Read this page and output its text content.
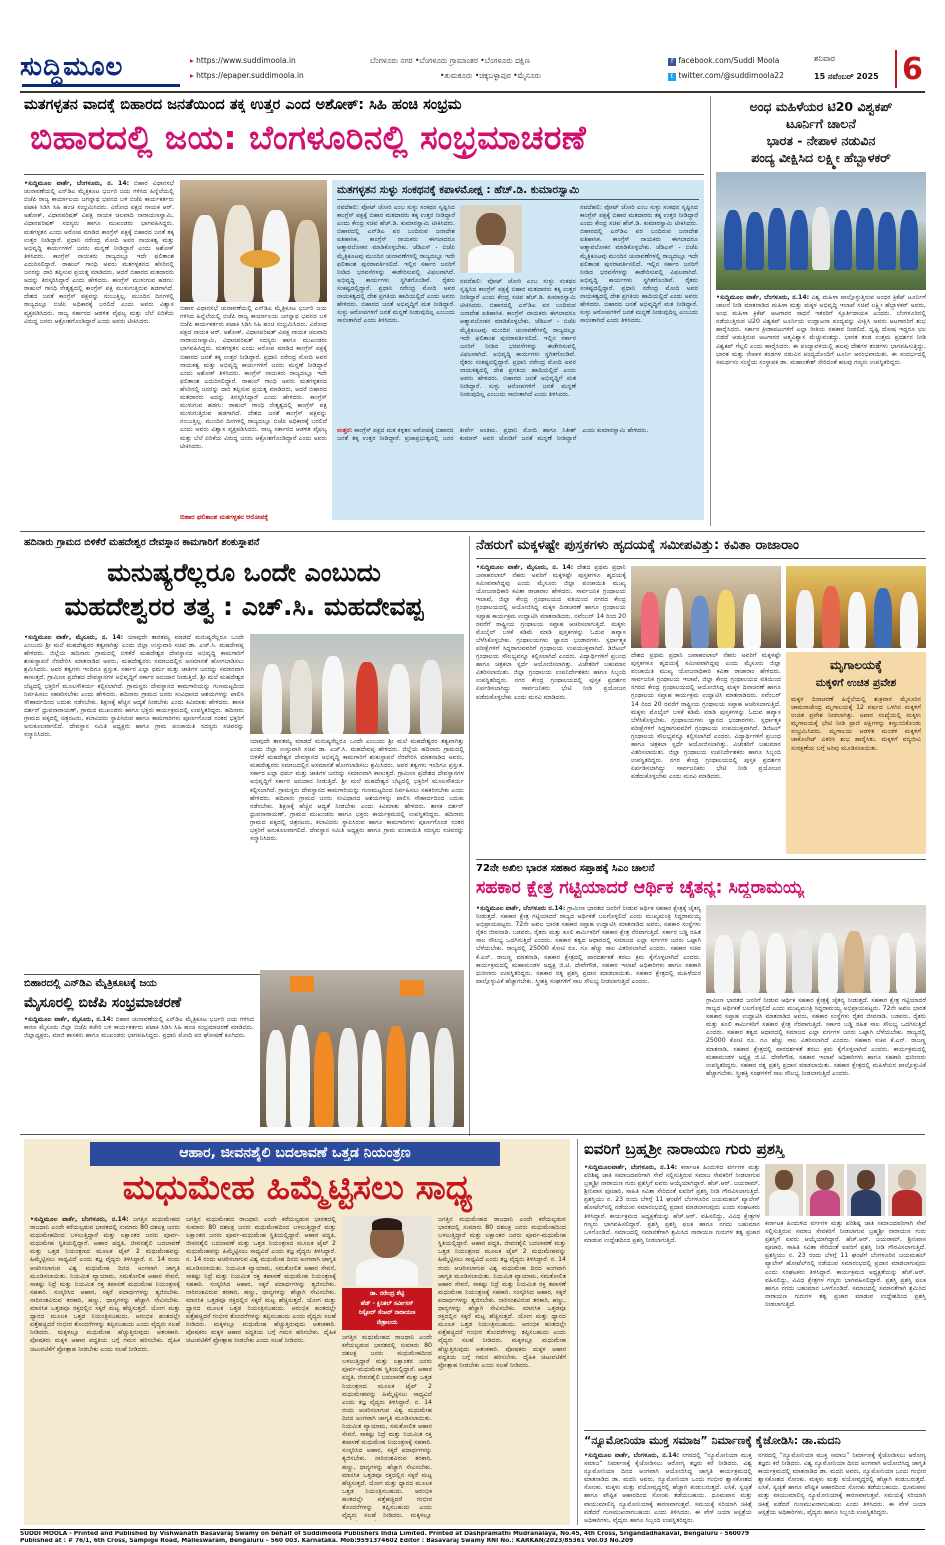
ಸುದ್ದಿಮೂಲ	▸ https://www.suddimoola.in
▸ https://epaper.suddimoola.in
ಬೆಂಗಳೂರು ನಗರ •ಬೆಂಗಳೂರು ಗ್ರಾಮಾಂತರ •ಬೆಂಗಳೂರು ದಕ್ಷಿಣ
•ತುಮಕೂರು •ಚಿಕ್ಕಬಳ್ಳಾಪುರ •ಮೈಸೂರು
f facebook.com/Suddi Moola
t twitter.com/@suddimoola22
ಶನಿವಾರ
15 ನವೆಂಬರ್ 2025 6
ಮತಗಳ್ಳತನ ವಾದಕ್ಕೆ ಬಿಹಾರದ ಜನತೆಯಿಂದ ತಕ್ಕ ಉತ್ತರ ಎಂದ ಅಶೋಕ್: ಸಿಹಿ ಹಂಚಿ ಸಂಭ್ರಮ
ಬಿಹಾರದಲ್ಲಿ ಜಯ: ಬೆಂಗಳೂರಿನಲ್ಲಿ ಸಂಭ್ರಮಾಚರಣೆ

•ಸುದ್ದಿಮೂಲ ವಾರ್ತೆ, ಬೆಂಗಳೂರು, ನ. 14: ಬಿಹಾರ ವಿಧಾನಸಭೆ ಚುನಾವಣೆಯಲ್ಲಿ ಎನ್‌ಡಿಎ ಮೈತ್ರಿಕೂಟ ಭರ್ಜರಿ ಜಯ ಗಳಿಸಿದ ಹಿನ್ನೆಲೆಯಲ್ಲಿ ಬಿಜೆಪಿ ರಾಜ್ಯ ಕಾರ್ಯಾಲಯ ಜಗನ್ನಾಥ ಭವನದ ಬಳಿ ಬಿಜೆಪಿ ಕಾರ್ಯಕರ್ತರು ಪಟಾಕಿ ಸಿಡಿಸಿ ಸಿಹಿ ಹಂಚಿ ಸಂಭ್ರಮಿಸಿದರು. ವಿರೋಧ ಪಕ್ಷದ ನಾಯಕ ಆರ್. ಅಶೋಕ್, ವಿಧಾನಪರಿಷತ್ ವಿಪಕ್ಷ ನಾಯಕ ಚಲವಾದಿ ನಾರಾಯಣಸ್ವಾಮಿ, ವಿಧಾನಪರಿಷತ್ ಸದಸ್ಯರು ಹಾಗೂ ಮುಖಂಡರು ಭಾಗವಹಿಸಿದ್ದರು. ಮತಗಳ್ಳತನ ಎಂದು ಆರೋಪ ಮಾಡಿದ ಕಾಂಗ್ರೆಸ್ ಪಕ್ಷಕ್ಕೆ ಬಿಹಾರದ ಜನತೆ ತಕ್ಕ ಉತ್ತರ ನೀಡಿದ್ದಾರೆ. ಪ್ರಧಾನಿ ನರೇಂದ್ರ ಮೋದಿ ಅವರ ನಾಯಕತ್ವ ಮತ್ತು ಅಭಿವೃದ್ಧಿ ಕಾರ್ಯಗಳಿಗೆ ಜನರು ಮನ್ನಣೆ ನೀಡಿದ್ದಾರೆ ಎಂದು ಅಶೋಕ್ ತಿಳಿಸಿದರು. ಕಾಂಗ್ರೆಸ್ ನಾಯಕರು ರಾಜ್ಯದಲ್ಲೂ ಇದೇ ಫಲಿತಾಂಶ ಎದುರಿಸಲಿದ್ದಾರೆ. ರಾಹುಲ್ ಗಾಂಧಿ ಅವರು ಮತಗಳ್ಳತನದ ಹೆಸರಿನಲ್ಲಿ ಜನರನ್ನು ದಾರಿ ತಪ್ಪಿಸುವ ಪ್ರಯತ್ನ ಮಾಡಿದರು, ಆದರೆ ಬಿಹಾರದ ಮತದಾರರು ಅದನ್ನು ತಿರಸ್ಕರಿಸಿದ್ದಾರೆ ಎಂದು ಹೇಳಿದರು. ಕಾಂಗ್ರೆಸ್ ಮುಳುಗುವ ಹಡಗು: ರಾಹುಲ್ ಗಾಂಧಿ ನೇತೃತ್ವದಲ್ಲಿ ಕಾಂಗ್ರೆಸ್ ಪಕ್ಷ ಮುಳುಗುತ್ತಿರುವ ಹಡಗಾಗಿದೆ. ದೇಶದ ಜನತೆ ಕಾಂಗ್ರೆಸ್ ಪಕ್ಷವನ್ನು ನಂಬುತ್ತಿಲ್ಲ. ಮುಂದಿನ ದಿನಗಳಲ್ಲಿ ರಾಜ್ಯದಲ್ಲೂ ಬಿಜೆಪಿ ಅಧಿಕಾರಕ್ಕೆ ಬರಲಿದೆ ಎಂದು ಅವರು ವಿಶ್ವಾಸ ವ್ಯಕ್ತಪಡಿಸಿದರು. ರಾಜ್ಯ ಸರ್ಕಾರದ ಆಡಳಿತ ವೈಫಲ್ಯ ಮತ್ತು ಬೆಲೆ ಏರಿಕೆಯ ವಿರುದ್ಧ ಜನರು ಆಕ್ರೋಶಗೊಂಡಿದ್ದಾರೆ ಎಂದು ಅವರು ಟೀಕಿಸಿದರು.

ಬಿಹಾರ ವಿಧಾನಸಭೆ ಚುನಾವಣೆಯಲ್ಲಿ ಎನ್‌ಡಿಎ ಮೈತ್ರಿಕೂಟ ಭರ್ಜರಿ ಜಯ ಗಳಿಸಿದ ಹಿನ್ನೆಲೆಯಲ್ಲಿ ಬಿಜೆಪಿ ರಾಜ್ಯ ಕಾರ್ಯಾಲಯ ಜಗನ್ನಾಥ ಭವನದ ಬಳಿ ಬಿಜೆಪಿ ಕಾರ್ಯಕರ್ತರು ಪಟಾಕಿ ಸಿಡಿಸಿ ಸಿಹಿ ಹಂಚಿ ಸಂಭ್ರಮಿಸಿದರು. ವಿರೋಧ ಪಕ್ಷದ ನಾಯಕ ಆರ್. ಅಶೋಕ್, ವಿಧಾನಪರಿಷತ್ ವಿಪಕ್ಷ ನಾಯಕ ಚಲವಾದಿ ನಾರಾಯಣಸ್ವಾಮಿ, ವಿಧಾನಪರಿಷತ್ ಸದಸ್ಯರು ಹಾಗೂ ಮುಖಂಡರು ಭಾಗವಹಿಸಿದ್ದರು. ಮತಗಳ್ಳತನ ಎಂದು ಆರೋಪ ಮಾಡಿದ ಕಾಂಗ್ರೆಸ್ ಪಕ್ಷಕ್ಕೆ ಬಿಹಾರದ ಜನತೆ ತಕ್ಕ ಉತ್ತರ ನೀಡಿದ್ದಾರೆ. ಪ್ರಧಾನಿ ನರೇಂದ್ರ ಮೋದಿ ಅವರ ನಾಯಕತ್ವ ಮತ್ತು ಅಭಿವೃದ್ಧಿ ಕಾರ್ಯಗಳಿಗೆ ಜನರು ಮನ್ನಣೆ ನೀಡಿದ್ದಾರೆ ಎಂದು ಅಶೋಕ್ ತಿಳಿಸಿದರು. ಕಾಂಗ್ರೆಸ್ ನಾಯಕರು ರಾಜ್ಯದಲ್ಲೂ ಇದೇ ಫಲಿತಾಂಶ ಎದುರಿಸಲಿದ್ದಾರೆ. ರಾಹುಲ್ ಗಾಂಧಿ ಅವರು ಮತಗಳ್ಳತನದ ಹೆಸರಿನಲ್ಲಿ ಜನರನ್ನು ದಾರಿ ತಪ್ಪಿಸುವ ಪ್ರಯತ್ನ ಮಾಡಿದರು, ಆದರೆ ಬಿಹಾರದ ಮತದಾರರು ಅದನ್ನು ತಿರಸ್ಕರಿಸಿದ್ದಾರೆ ಎಂದು ಹೇಳಿದರು. ಕಾಂಗ್ರೆಸ್ ಮುಳುಗುವ ಹಡಗು: ರಾಹುಲ್ ಗಾಂಧಿ ನೇತೃತ್ವದಲ್ಲಿ ಕಾಂಗ್ರೆಸ್ ಪಕ್ಷ ಮುಳುಗುತ್ತಿರುವ ಹಡಗಾಗಿದೆ. ದೇಶದ ಜನತೆ ಕಾಂಗ್ರೆಸ್ ಪಕ್ಷವನ್ನು ನಂಬುತ್ತಿಲ್ಲ. ಮುಂದಿನ ದಿನಗಳಲ್ಲಿ ರಾಜ್ಯದಲ್ಲೂ ಬಿಜೆಪಿ ಅಧಿಕಾರಕ್ಕೆ ಬರಲಿದೆ ಎಂದು ಅವರು ವಿಶ್ವಾಸ ವ್ಯಕ್ತಪಡಿಸಿದರು. ರಾಜ್ಯ ಸರ್ಕಾರದ ಆಡಳಿತ ವೈಫಲ್ಯ ಮತ್ತು ಬೆಲೆ ಏರಿಕೆಯ ವಿರುದ್ಧ ಜನರು ಆಕ್ರೋಶಗೊಂಡಿದ್ದಾರೆ ಎಂದು ಅವರು ಟೀಕಿಸಿದರು.

ಬಿಹಾರ ಫಲಿತಾಂಶ ಮತಗಳ್ಳತನ ಆರೋಪಕ್ಕೆ
ಮತಗಳ್ಳತನ ಸುಳ್ಳು ಸಂಕಥನಕ್ಕೆ ಕಪಾಳಮೋಕ್ಷ : ಹೆಚ್.ಡಿ. ಕುಮಾರಸ್ವಾಮಿ

ನವದೆಹಲಿ: ವೋಟ್ ಚೋರಿ ಎಂಬ ಸುಳ್ಳು ಸಂಕಥನ ಸೃಷ್ಟಿಸಿದ ಕಾಂಗ್ರೆಸ್ ಪಕ್ಷಕ್ಕೆ ಬಿಹಾರ ಮತದಾರರು ತಕ್ಕ ಉತ್ತರ ನೀಡಿದ್ದಾರೆ ಎಂದು ಕೇಂದ್ರ ಸಚಿವ ಹೆಚ್.ಡಿ. ಕುಮಾರಸ್ವಾಮಿ ಟೀಕಿಸಿದರು. ಬಿಹಾರದಲ್ಲಿ ಎನ್‌ಡಿಎ ಪರ ಬಂದಿರುವ ಜನಾದೇಶ ಐತಿಹಾಸಿಕ. ಕಾಂಗ್ರೆಸ್ ನಾಯಕರು ಈಗಲಾದರೂ ಆತ್ಮಾವಲೋಕನ ಮಾಡಿಕೊಳ್ಳಬೇಕು. ಜೆಡಿಎಸ್ - ಬಿಜೆಪಿ ಮೈತ್ರಿಕೂಟವು ಮುಂದಿನ ಚುನಾವಣೆಗಳಲ್ಲಿ ರಾಜ್ಯದಲ್ಲೂ ಇದೇ ಫಲಿತಾಂಶ ಪುನರಾವರ್ತಿಸಲಿದೆ. ಇಲ್ಲಿನ ಸರ್ಕಾರ ಜನರಿಗೆ ನೀಡಿದ ಭರವಸೆಗಳನ್ನು ಈಡೇರಿಸುವಲ್ಲಿ ವಿಫಲವಾಗಿದೆ. ಅಭಿವೃದ್ಧಿ ಕಾರ್ಯಗಳು ಸ್ಥಗಿತಗೊಂಡಿವೆ. ರೈತರು ಸಂಕಷ್ಟದಲ್ಲಿದ್ದಾರೆ. ಪ್ರಧಾನಿ ನರೇಂದ್ರ ಮೋದಿ ಅವರ ನಾಯಕತ್ವದಲ್ಲಿ ದೇಶ ಪ್ರಗತಿಯ ಹಾದಿಯಲ್ಲಿದೆ ಎಂದು ಅವರು ಹೇಳಿದರು. ಬಿಹಾರದ ಜನತೆ ಅಭಿವೃದ್ಧಿಗೆ ಮತ ನೀಡಿದ್ದಾರೆ. ಸುಳ್ಳು ಆರೋಪಗಳಿಗೆ ಜನತೆ ಮನ್ನಣೆ ನೀಡುವುದಿಲ್ಲ ಎಂಬುದು ಸಾಬೀತಾಗಿದೆ ಎಂದು ತಿಳಿಸಿದರು.

ನವದೆಹಲಿ: ವೋಟ್ ಚೋರಿ ಎಂಬ ಸುಳ್ಳು ಸಂಕಥನ ಸೃಷ್ಟಿಸಿದ ಕಾಂಗ್ರೆಸ್ ಪಕ್ಷಕ್ಕೆ ಬಿಹಾರ ಮತದಾರರು ತಕ್ಕ ಉತ್ತರ ನೀಡಿದ್ದಾರೆ ಎಂದು ಕೇಂದ್ರ ಸಚಿವ ಹೆಚ್.ಡಿ. ಕುಮಾರಸ್ವಾಮಿ ಟೀಕಿಸಿದರು. ಬಿಹಾರದಲ್ಲಿ ಎನ್‌ಡಿಎ ಪರ ಬಂದಿರುವ ಜನಾದೇಶ ಐತಿಹಾಸಿಕ. ಕಾಂಗ್ರೆಸ್ ನಾಯಕರು ಈಗಲಾದರೂ ಆತ್ಮಾವಲೋಕನ ಮಾಡಿಕೊಳ್ಳಬೇಕು. ಜೆಡಿಎಸ್ - ಬಿಜೆಪಿ ಮೈತ್ರಿಕೂಟವು ಮುಂದಿನ ಚುನಾವಣೆಗಳಲ್ಲಿ ರಾಜ್ಯದಲ್ಲೂ ಇದೇ ಫಲಿತಾಂಶ ಪುನರಾವರ್ತಿಸಲಿದೆ. ಇಲ್ಲಿನ ಸರ್ಕಾರ ಜನರಿಗೆ ನೀಡಿದ ಭರವಸೆಗಳನ್ನು ಈಡೇರಿಸುವಲ್ಲಿ ವಿಫಲವಾಗಿದೆ. ಅಭಿವೃದ್ಧಿ ಕಾರ್ಯಗಳು ಸ್ಥಗಿತಗೊಂಡಿವೆ. ರೈತರು ಸಂಕಷ್ಟದಲ್ಲಿದ್ದಾರೆ. ಪ್ರಧಾನಿ ನರೇಂದ್ರ ಮೋದಿ ಅವರ ನಾಯಕತ್ವದಲ್ಲಿ ದೇಶ ಪ್ರಗತಿಯ ಹಾದಿಯಲ್ಲಿದೆ ಎಂದು ಅವರು ಹೇಳಿದರು. ಬಿಹಾರದ ಜನತೆ ಅಭಿವೃದ್ಧಿಗೆ ಮತ ನೀಡಿದ್ದಾರೆ. ಸುಳ್ಳು ಆರೋಪಗಳಿಗೆ ಜನತೆ ಮನ್ನಣೆ ನೀಡುವುದಿಲ್ಲ ಎಂಬುದು ಸಾಬೀತಾಗಿದೆ ಎಂದು ತಿಳಿಸಿದರು.

ನವದೆಹಲಿ: ವೋಟ್ ಚೋರಿ ಎಂಬ ಸುಳ್ಳು ಸಂಕಥನ ಸೃಷ್ಟಿಸಿದ ಕಾಂಗ್ರೆಸ್ ಪಕ್ಷಕ್ಕೆ ಬಿಹಾರ ಮತದಾರರು ತಕ್ಕ ಉತ್ತರ ನೀಡಿದ್ದಾರೆ ಎಂದು ಕೇಂದ್ರ ಸಚಿವ ಹೆಚ್.ಡಿ. ಕುಮಾರಸ್ವಾಮಿ ಟೀಕಿಸಿದರು. ಬಿಹಾರದಲ್ಲಿ ಎನ್‌ಡಿಎ ಪರ ಬಂದಿರುವ ಜನಾದೇಶ ಐತಿಹಾಸಿಕ. ಕಾಂಗ್ರೆಸ್ ನಾಯಕರು ಈಗಲಾದರೂ ಆತ್ಮಾವಲೋಕನ ಮಾಡಿಕೊಳ್ಳಬೇಕು. ಜೆಡಿಎಸ್ - ಬಿಜೆಪಿ ಮೈತ್ರಿಕೂಟವು ಮುಂದಿನ ಚುನಾವಣೆಗಳಲ್ಲಿ ರಾಜ್ಯದಲ್ಲೂ ಇದೇ ಫಲಿತಾಂಶ ಪುನರಾವರ್ತಿಸಲಿದೆ. ಇಲ್ಲಿನ ಸರ್ಕಾರ ಜನರಿಗೆ ನೀಡಿದ ಭರವಸೆಗಳನ್ನು ಈಡೇರಿಸುವಲ್ಲಿ ವಿಫಲವಾಗಿದೆ. ಅಭಿವೃದ್ಧಿ ಕಾರ್ಯಗಳು ಸ್ಥಗಿತಗೊಂಡಿವೆ. ರೈತರು ಸಂಕಷ್ಟದಲ್ಲಿದ್ದಾರೆ. ಪ್ರಧಾನಿ ನರೇಂದ್ರ ಮೋದಿ ಅವರ ನಾಯಕತ್ವದಲ್ಲಿ ದೇಶ ಪ್ರಗತಿಯ ಹಾದಿಯಲ್ಲಿದೆ ಎಂದು ಅವರು ಹೇಳಿದರು. ಬಿಹಾರದ ಜನತೆ ಅಭಿವೃದ್ಧಿಗೆ ಮತ ನೀಡಿದ್ದಾರೆ. ಸುಳ್ಳು ಆರೋಪಗಳಿಗೆ ಜನತೆ ಮನ್ನಣೆ ನೀಡುವುದಿಲ್ಲ ಎಂಬುದು ಸಾಬೀತಾಗಿದೆ ಎಂದು ತಿಳಿಸಿದರು.

ಉತ್ತರ: ಕಾಂಗ್ರೆಸ್ ಪಕ್ಷದ ಮತ ಕಳ್ಳತನ ಆರೋಪಕ್ಕೆ ಬಿಹಾರದ ಜನತೆ ತಕ್ಕ ಉತ್ತರ ನೀಡಿದ್ದಾರೆ. ಪ್ರಜಾಪ್ರಭುತ್ವದಲ್ಲಿ ಜನರ ತೀರ್ಪೇ ಅಂತಿಮ. ಪ್ರಧಾನಿ ಮೋದಿ ಹಾಗೂ ನಿತೀಶ್ ಕುಮಾರ್ ಅವರ ಜೋಡಿಗೆ ಜನತೆ ಮನ್ನಣೆ ನೀಡಿದ್ದಾರೆ ಎಂದು ಕುಮಾರಸ್ವಾಮಿ ಹೇಳಿದರು.

ಅಂಧ ಮಹಿಳೆಯರ ಟಿ20 ವಿಶ್ವಕಪ್
ಟೂರ್ನಿಗೆ ಚಾಲನೆ
ಭಾರತ - ನೇಪಾಳ ನಡುವಿನ
ಪಂದ್ಯ ವೀಕ್ಷಿಸಿದ ಲಕ್ಷ್ಮೀ ಹೆಬ್ಬಾಳಕರ್

•ಸುದ್ದಿಮೂಲ ವಾರ್ತೆ, ಬೆಂಗಳೂರು, ನ.14: ವಿಶ್ವ ಮಹಿಳಾ ಪಾಲ್ಗೊಳ್ಳುತ್ತಿರುವ ಅಂಧರ ಕ್ರಿಕೆಟ್ ಟೂರ್ನಿಗೆ ಚಾಲನೆ ನೀಡಿ ಮಾತನಾಡಿದ ಮಹಿಳಾ ಮತ್ತು ಮಕ್ಕಳ ಅಭಿವೃದ್ಧಿ ಇಲಾಖೆ ಸಚಿವೆ ಲಕ್ಷ್ಮೀ ಹೆಬ್ಬಾಳಕರ್ ಅವರು, ಅಂಧ ಮಹಿಳಾ ಕ್ರಿಕೆಟ್ ಆಟಗಾರರ ಸಾಧನೆ ಇತರರಿಗೆ ಸ್ಫೂರ್ತಿದಾಯಕ ಎಂದರು. ಬೆಂಗಳೂರಿನಲ್ಲಿ ನಡೆಯುತ್ತಿರುವ ಟಿ20 ವಿಶ್ವಕಪ್ ಟೂರ್ನಿಯ ಉದ್ಘಾಟನಾ ಪಂದ್ಯವನ್ನು ವೀಕ್ಷಿಸಿ ಅವರು ಆಟಗಾರರಿಗೆ ಶುಭ ಹಾರೈಸಿದರು. ಸರ್ಕಾರ ಕ್ರೀಡಾಪಟುಗಳಿಗೆ ಎಲ್ಲಾ ರೀತಿಯ ಸಹಕಾರ ನೀಡಲಿದೆ. ದೃಷ್ಟಿ ದೋಷ ಇದ್ದರೂ ಛಲ ಬಿಡದೆ ಆಡುತ್ತಿರುವ ಆಟಗಾರರ ಆತ್ಮವಿಶ್ವಾಸ ಮೆಚ್ಚುವಂತದ್ದು. ಭಾರತ ತಂಡ ಉತ್ತಮ ಪ್ರದರ್ಶನ ನೀಡಿ ವಿಶ್ವಕಪ್ ಗೆಲ್ಲಲಿ ಎಂದು ಹಾರೈಸಿದರು. ಈ ಪಂದ್ಯಾವಳಿಯಲ್ಲಿ ಹಲವು ದೇಶಗಳ ತಂಡಗಳು ಭಾಗವಹಿಸುತ್ತಿದ್ದು, ಭಾರತ ಮತ್ತು ನೇಪಾಳ ತಂಡಗಳ ನಡುವಿನ ಪಂದ್ಯದೊಂದಿಗೆ ಟೂರ್ನಿ ಆರಂಭವಾಯಿತು. ಈ ಸಂದರ್ಭದಲ್ಲಿ ಸಮರ್ಥನಂ ಸಂಸ್ಥೆಯ ಸಂಸ್ಥಾಪಕ ಡಾ. ಮಹಾಂತೇಶ್ ಸೇರಿದಂತೆ ಹಲವು ಗಣ್ಯರು ಉಪಸ್ಥಿತರಿದ್ದರು.

ಹದಿನಾರು ಗ್ರಾಮದ ಬಿಳಿಕೆರೆ ಮಹದೇಶ್ವರ ದೇವಸ್ಥಾನ ಕಾಮಗಾರಿಗೆ ಶಂಕುಸ್ಥಾಪನೆ
ಮನುಷ್ಯರೆಲ್ಲರೂ ಒಂದೇ ಎಂಬುದು
ಮಹದೇಶ್ವರರ ತತ್ವ : ಎಚ್.ಸಿ. ಮಹದೇವಪ್ಪ

•ಸುದ್ದಿಮೂಲ ವಾರ್ತೆ, ಮೈಸೂರು, ನ. 14: ಯಾವುದೇ ತಾರತಮ್ಯ ಮಾಡದೆ ಮನುಷ್ಯರೆಲ್ಲರೂ ಒಂದೇ ಎಂಬುದು ಶ್ರೀ ಮಲೆ ಮಹದೇಶ್ವರರ ತತ್ವವಾಗಿತ್ತು ಎಂದು ಜಿಲ್ಲಾ ಉಸ್ತುವಾರಿ ಸಚಿವ ಡಾ. ಎಚ್.ಸಿ. ಮಹದೇವಪ್ಪ ಹೇಳಿದರು. ಜಿಲ್ಲೆಯ ಹದಿನಾರು ಗ್ರಾಮದಲ್ಲಿ ಬಿಳಿಕೆರೆ ಮಹದೇಶ್ವರ ದೇವಸ್ಥಾನದ ಅಭಿವೃದ್ಧಿ ಕಾಮಗಾರಿಗೆ ಶಂಕುಸ್ಥಾಪನೆ ನೆರವೇರಿಸಿ ಮಾತನಾಡಿದ ಅವರು, ಮಹದೇಶ್ವರರು ಸಮಾಜದಲ್ಲಿನ ಅಸಮಾನತೆ ಹೋಗಲಾಡಿಸಲು ಶ್ರಮಿಸಿದರು. ಅವರ ತತ್ವಗಳು ಇಂದಿಗೂ ಪ್ರಸ್ತುತ. ಸರ್ಕಾರ ಎಲ್ಲಾ ಧರ್ಮ ಮತ್ತು ಜಾತಿಗಳ ಜನರನ್ನು ಸಮಾನವಾಗಿ ಕಾಣುತ್ತದೆ. ಗ್ರಾಮೀಣ ಪ್ರದೇಶದ ದೇವಸ್ಥಾನಗಳ ಅಭಿವೃದ್ಧಿಗೆ ಸರ್ಕಾರ ಅನುದಾನ ನೀಡುತ್ತಿದೆ. ಶ್ರೀ ಮಲೆ ಮಹದೇಶ್ವರ ಬೆಟ್ಟದಲ್ಲಿ ಭಕ್ತರಿಗೆ ಮೂಲಸೌಕರ್ಯ ಕಲ್ಪಿಸಲಾಗಿದೆ. ಗ್ರಾಮಸ್ಥರು ದೇವಸ್ಥಾನದ ಕಾಮಗಾರಿಯನ್ನು ಗುಣಮಟ್ಟದಿಂದ ನಿರ್ವಹಿಸಲು ಸಹಕರಿಸಬೇಕು ಎಂದು ಹೇಳಿದರು. ಹದಿನಾರು ಗ್ರಾಮದ ಜನರು ಸಂವಿಧಾನದ ಆಶಯಗಳನ್ನು ಪಾಲಿಸಿ ಸೌಹಾರ್ದದಿಂದ ಬದುಕು ನಡೆಸಬೇಕು. ಶಿಕ್ಷಣಕ್ಕೆ ಹೆಚ್ಚಿನ ಆದ್ಯತೆ ನೀಡಬೇಕು ಎಂದು ಕಿವಿಮಾತು ಹೇಳಿದರು. ಶಾಸಕ ದರ್ಶನ್ ಧ್ರುವನಾರಾಯಣ್, ಗ್ರಾಮದ ಮುಖಂಡರು ಹಾಗೂ ಭಕ್ತರು ಕಾರ್ಯಕ್ರಮದಲ್ಲಿ ಉಪಸ್ಥಿತರಿದ್ದರು. ಹದಿನಾರು ಗ್ರಾಮದ ಪಕ್ಕದಲ್ಲಿ ಚಿತ್ರನಟರು, ಕಲಾವಿದರು ಸ್ಥಾಪಿಸಿರುವ ಹಾಗೂ ಕಾಮಗಾರಿಗಳು ಪೂರ್ಣಗೊಂಡ ನಂತರ ಭಕ್ತರಿಗೆ ಅನುಕೂಲವಾಗಲಿದೆ. ದೇವಸ್ಥಾನ ಸಮಿತಿ ಅಧ್ಯಕ್ಷರು ಹಾಗೂ ಗ್ರಾಮ ಪಂಚಾಯಿತಿ ಸದಸ್ಯರು ಸಚಿವರನ್ನು ಸನ್ಮಾನಿಸಿದರು.

ಯಾವುದೇ ತಾರತಮ್ಯ ಮಾಡದೆ ಮನುಷ್ಯರೆಲ್ಲರೂ ಒಂದೇ ಎಂಬುದು ಶ್ರೀ ಮಲೆ ಮಹದೇಶ್ವರರ ತತ್ವವಾಗಿತ್ತು ಎಂದು ಜಿಲ್ಲಾ ಉಸ್ತುವಾರಿ ಸಚಿವ ಡಾ. ಎಚ್.ಸಿ. ಮಹದೇವಪ್ಪ ಹೇಳಿದರು. ಜಿಲ್ಲೆಯ ಹದಿನಾರು ಗ್ರಾಮದಲ್ಲಿ ಬಿಳಿಕೆರೆ ಮಹದೇಶ್ವರ ದೇವಸ್ಥಾನದ ಅಭಿವೃದ್ಧಿ ಕಾಮಗಾರಿಗೆ ಶಂಕುಸ್ಥಾಪನೆ ನೆರವೇರಿಸಿ ಮಾತನಾಡಿದ ಅವರು, ಮಹದೇಶ್ವರರು ಸಮಾಜದಲ್ಲಿನ ಅಸಮಾನತೆ ಹೋಗಲಾಡಿಸಲು ಶ್ರಮಿಸಿದರು. ಅವರ ತತ್ವಗಳು ಇಂದಿಗೂ ಪ್ರಸ್ತುತ. ಸರ್ಕಾರ ಎಲ್ಲಾ ಧರ್ಮ ಮತ್ತು ಜಾತಿಗಳ ಜನರನ್ನು ಸಮಾನವಾಗಿ ಕಾಣುತ್ತದೆ. ಗ್ರಾಮೀಣ ಪ್ರದೇಶದ ದೇವಸ್ಥಾನಗಳ ಅಭಿವೃದ್ಧಿಗೆ ಸರ್ಕಾರ ಅನುದಾನ ನೀಡುತ್ತಿದೆ. ಶ್ರೀ ಮಲೆ ಮಹದೇಶ್ವರ ಬೆಟ್ಟದಲ್ಲಿ ಭಕ್ತರಿಗೆ ಮೂಲಸೌಕರ್ಯ ಕಲ್ಪಿಸಲಾಗಿದೆ. ಗ್ರಾಮಸ್ಥರು ದೇವಸ್ಥಾನದ ಕಾಮಗಾರಿಯನ್ನು ಗುಣಮಟ್ಟದಿಂದ ನಿರ್ವಹಿಸಲು ಸಹಕರಿಸಬೇಕು ಎಂದು ಹೇಳಿದರು. ಹದಿನಾರು ಗ್ರಾಮದ ಜನರು ಸಂವಿಧಾನದ ಆಶಯಗಳನ್ನು ಪಾಲಿಸಿ ಸೌಹಾರ್ದದಿಂದ ಬದುಕು ನಡೆಸಬೇಕು. ಶಿಕ್ಷಣಕ್ಕೆ ಹೆಚ್ಚಿನ ಆದ್ಯತೆ ನೀಡಬೇಕು ಎಂದು ಕಿವಿಮಾತು ಹೇಳಿದರು. ಶಾಸಕ ದರ್ಶನ್ ಧ್ರುವನಾರಾಯಣ್, ಗ್ರಾಮದ ಮುಖಂಡರು ಹಾಗೂ ಭಕ್ತರು ಕಾರ್ಯಕ್ರಮದಲ್ಲಿ ಉಪಸ್ಥಿತರಿದ್ದರು. ಹದಿನಾರು ಗ್ರಾಮದ ಪಕ್ಕದಲ್ಲಿ ಚಿತ್ರನಟರು, ಕಲಾವಿದರು ಸ್ಥಾಪಿಸಿರುವ ಹಾಗೂ ಕಾಮಗಾರಿಗಳು ಪೂರ್ಣಗೊಂಡ ನಂತರ ಭಕ್ತರಿಗೆ ಅನುಕೂಲವಾಗಲಿದೆ. ದೇವಸ್ಥಾನ ಸಮಿತಿ ಅಧ್ಯಕ್ಷರು ಹಾಗೂ ಗ್ರಾಮ ಪಂಚಾಯಿತಿ ಸದಸ್ಯರು ಸಚಿವರನ್ನು ಸನ್ಮಾನಿಸಿದರು.

ನೆಹರುಗೆ ಮಕ್ಕಳಷ್ಟೇ ಪುಸ್ತಕಗಳು ಹೃದಯಕ್ಕೆ ಸಮೀಪವಿತ್ತು: ಕವಿತಾ ರಾಜಾರಾಂ

•ಸುದ್ದಿಮೂಲ ವಾರ್ತೆ, ಮೈಸೂರು, ನ. 14: ದೇಶದ ಪ್ರಥಮ ಪ್ರಧಾನಿ ಜವಾಹರಲಾಲ್ ನೆಹರು ಅವರಿಗೆ ಮಕ್ಕಳಷ್ಟೇ ಪುಸ್ತಕಗಳೂ ಹೃದಯಕ್ಕೆ ಸಮೀಪವಾಗಿದ್ದವು ಎಂದು ಮೈಸೂರು ಜಿಲ್ಲಾ ಪಂಚಾಯಿತಿ ಮುಖ್ಯ ಯೋಜನಾಧಿಕಾರಿ ಕವಿತಾ ರಾಜಾರಾಂ ಹೇಳಿದರು. ಸಾರ್ವಜನಿಕ ಗ್ರಂಥಾಲಯ ಇಲಾಖೆ, ಜಿಲ್ಲಾ ಕೇಂದ್ರ ಗ್ರಂಥಾಲಯದ ವತಿಯಿಂದ ನಗರದ ಕೇಂದ್ರ ಗ್ರಂಥಾಲಯದಲ್ಲಿ ಆಯೋಜಿಸಿದ್ದ ಮಕ್ಕಳ ದಿನಾಚರಣೆ ಹಾಗೂ ಗ್ರಂಥಾಲಯ ಸಪ್ತಾಹ ಕಾರ್ಯಕ್ರಮ ಉದ್ಘಾಟಿಸಿ ಮಾತನಾಡಿದರು. ನವೆಂಬರ್ 14 ರಿಂದ 20 ರವರೆಗೆ ರಾಷ್ಟ್ರೀಯ ಗ್ರಂಥಾಲಯ ಸಪ್ತಾಹ ಆಚರಿಸಲಾಗುತ್ತಿದೆ. ಮಕ್ಕಳು ಮೊಬೈಲ್ ಬಳಕೆ ಕಡಿಮೆ ಮಾಡಿ ಪುಸ್ತಕಗಳನ್ನು ಓದುವ ಹವ್ಯಾಸ ಬೆಳೆಸಿಕೊಳ್ಳಬೇಕು. ಗ್ರಂಥಾಲಯಗಳು ಜ್ಞಾನದ ಭಂಡಾರಗಳು. ಸ್ಪರ್ಧಾತ್ಮಕ ಪರೀಕ್ಷೆಗಳಿಗೆ ಸಿದ್ಧರಾಗುವವರಿಗೆ ಗ್ರಂಥಾಲಯ ಉಪಯುಕ್ತವಾಗಿದೆ. ಡಿಜಿಟಲ್ ಗ್ರಂಥಾಲಯ ಸೌಲಭ್ಯವನ್ನೂ ಕಲ್ಪಿಸಲಾಗಿದೆ ಎಂದರು. ವಿದ್ಯಾರ್ಥಿಗಳಿಗೆ ಪ್ರಬಂಧ ಹಾಗೂ ಚಿತ್ರಕಲಾ ಸ್ಪರ್ಧೆ ಆಯೋಜಿಸಲಾಗಿತ್ತು. ವಿಜೇತರಿಗೆ ಬಹುಮಾನ ವಿತರಿಸಲಾಯಿತು. ಜಿಲ್ಲಾ ಗ್ರಂಥಾಲಯ ಉಪನಿರ್ದೇಶಕರು ಹಾಗೂ ಸಿಬ್ಬಂದಿ ಉಪಸ್ಥಿತರಿದ್ದರು. ನಗರ ಕೇಂದ್ರ ಗ್ರಂಥಾಲಯದಲ್ಲಿ ಪುಸ್ತಕ ಪ್ರದರ್ಶನ ಏರ್ಪಡಿಸಲಾಗಿದ್ದು ಸಾರ್ವಜನಿಕರು ಭೇಟಿ ನೀಡಿ ಪ್ರಯೋಜನ ಪಡೆದುಕೊಳ್ಳಬೇಕು ಎಂದು ಮನವಿ ಮಾಡಿದರು.

ದೇಶದ ಪ್ರಥಮ ಪ್ರಧಾನಿ ಜವಾಹರಲಾಲ್ ನೆಹರು ಅವರಿಗೆ ಮಕ್ಕಳಷ್ಟೇ ಪುಸ್ತಕಗಳೂ ಹೃದಯಕ್ಕೆ ಸಮೀಪವಾಗಿದ್ದವು ಎಂದು ಮೈಸೂರು ಜಿಲ್ಲಾ ಪಂಚಾಯಿತಿ ಮುಖ್ಯ ಯೋಜನಾಧಿಕಾರಿ ಕವಿತಾ ರಾಜಾರಾಂ ಹೇಳಿದರು. ಸಾರ್ವಜನಿಕ ಗ್ರಂಥಾಲಯ ಇಲಾಖೆ, ಜಿಲ್ಲಾ ಕೇಂದ್ರ ಗ್ರಂಥಾಲಯದ ವತಿಯಿಂದ ನಗರದ ಕೇಂದ್ರ ಗ್ರಂಥಾಲಯದಲ್ಲಿ ಆಯೋಜಿಸಿದ್ದ ಮಕ್ಕಳ ದಿನಾಚರಣೆ ಹಾಗೂ ಗ್ರಂಥಾಲಯ ಸಪ್ತಾಹ ಕಾರ್ಯಕ್ರಮ ಉದ್ಘಾಟಿಸಿ ಮಾತನಾಡಿದರು. ನವೆಂಬರ್ 14 ರಿಂದ 20 ರವರೆಗೆ ರಾಷ್ಟ್ರೀಯ ಗ್ರಂಥಾಲಯ ಸಪ್ತಾಹ ಆಚರಿಸಲಾಗುತ್ತಿದೆ. ಮಕ್ಕಳು ಮೊಬೈಲ್ ಬಳಕೆ ಕಡಿಮೆ ಮಾಡಿ ಪುಸ್ತಕಗಳನ್ನು ಓದುವ ಹವ್ಯಾಸ ಬೆಳೆಸಿಕೊಳ್ಳಬೇಕು. ಗ್ರಂಥಾಲಯಗಳು ಜ್ಞಾನದ ಭಂಡಾರಗಳು. ಸ್ಪರ್ಧಾತ್ಮಕ ಪರೀಕ್ಷೆಗಳಿಗೆ ಸಿದ್ಧರಾಗುವವರಿಗೆ ಗ್ರಂಥಾಲಯ ಉಪಯುಕ್ತವಾಗಿದೆ. ಡಿಜಿಟಲ್ ಗ್ರಂಥಾಲಯ ಸೌಲಭ್ಯವನ್ನೂ ಕಲ್ಪಿಸಲಾಗಿದೆ ಎಂದರು. ವಿದ್ಯಾರ್ಥಿಗಳಿಗೆ ಪ್ರಬಂಧ ಹಾಗೂ ಚಿತ್ರಕಲಾ ಸ್ಪರ್ಧೆ ಆಯೋಜಿಸಲಾಗಿತ್ತು. ವಿಜೇತರಿಗೆ ಬಹುಮಾನ ವಿತರಿಸಲಾಯಿತು. ಜಿಲ್ಲಾ ಗ್ರಂಥಾಲಯ ಉಪನಿರ್ದೇಶಕರು ಹಾಗೂ ಸಿಬ್ಬಂದಿ ಉಪಸ್ಥಿತರಿದ್ದರು. ನಗರ ಕೇಂದ್ರ ಗ್ರಂಥಾಲಯದಲ್ಲಿ ಪುಸ್ತಕ ಪ್ರದರ್ಶನ ಏರ್ಪಡಿಸಲಾಗಿದ್ದು ಸಾರ್ವಜನಿಕರು ಭೇಟಿ ನೀಡಿ ಪ್ರಯೋಜನ ಪಡೆದುಕೊಳ್ಳಬೇಕು ಎಂದು ಮನವಿ ಮಾಡಿದರು.

ಮೃಗಾಲಯಕ್ಕೆ
ಮಕ್ಕಳಿಗೆ ಉಚಿತ ಪ್ರವೇಶ

ಮಕ್ಕಳ ದಿನಾಚರಣೆ ಹಿನ್ನೆಲೆಯಲ್ಲಿ ಶುಕ್ರವಾರ ಮೈಸೂರಿನ ಚಾಮರಾಜೇಂದ್ರ ಮೃಗಾಲಯಕ್ಕೆ 12 ವರ್ಷದ ಒಳಗಿನ ಮಕ್ಕಳಿಗೆ ಉಚಿತ ಪ್ರವೇಶ ನೀಡಲಾಗಿತ್ತು. ಅಪಾರ ಸಂಖ್ಯೆಯಲ್ಲಿ ಮಕ್ಕಳು ಮೃಗಾಲಯಕ್ಕೆ ಭೇಟಿ ನೀಡಿ ಪ್ರಾಣಿ ಪಕ್ಷಿಗಳನ್ನು ಕಣ್ತುಂಬಿಕೊಂಡು ಸಂಭ್ರಮಿಸಿದರು. ಮೃಗಾಲಯ ಆಡಳಿತ ಮಂಡಳಿ ಮಕ್ಕಳಿಗೆ ಚಾಕೊಲೇಟ್ ವಿತರಿಸಿ ಶುಭ ಹಾರೈಸಿತು. ಮಕ್ಕಳಿಗೆ ವನ್ಯಜೀವಿ ಸಂರಕ್ಷಣೆಯ ಬಗ್ಗೆ ಅರಿವು ಮೂಡಿಸಲಾಯಿತು.

72ನೇ ಅಖಿಲ ಭಾರತ ಸಹಕಾರ ಸಪ್ತಾಹಕ್ಕೆ ಸಿಎಂ ಚಾಲನೆ
ಸಹಕಾರ ಕ್ಷೇತ್ರ ಗಟ್ಟಿಯಾದರೆ ಆರ್ಥಿಕ ಚೈತನ್ಯ: ಸಿದ್ದರಾಮಯ್ಯ

•ಸುದ್ದಿಮೂಲ ವಾರ್ತೆ, ಬೆಂಗಳೂರು ನ.14: ಗ್ರಾಮೀಣ ಭಾರತದ ಜನರಿಗೆ ನೀಡುವ ಆರ್ಥಿಕ ಸಹಕಾರ ಕ್ಷೇತ್ರಕ್ಕೆ ಚೈತನ್ಯ ನೀಡುತ್ತದೆ. ಸಹಕಾರ ಕ್ಷೇತ್ರ ಗಟ್ಟಿಯಾದರೆ ರಾಜ್ಯದ ಆರ್ಥಿಕತೆ ಬಲಗೊಳ್ಳಲಿದೆ ಎಂದು ಮುಖ್ಯಮಂತ್ರಿ ಸಿದ್ದರಾಮಯ್ಯ ಅಭಿಪ್ರಾಯಪಟ್ಟರು. 72ನೇ ಅಖಿಲ ಭಾರತ ಸಹಕಾರ ಸಪ್ತಾಹ ಉದ್ಘಾಟಿಸಿ ಮಾತನಾಡಿದ ಅವರು, ಸಹಕಾರ ಸಂಸ್ಥೆಗಳು ರೈತರ ಜೀವನಾಡಿ. ಬಡವರು, ರೈತರು ಮತ್ತು ಕೂಲಿ ಕಾರ್ಮಿಕರಿಗೆ ಸಹಕಾರ ಕ್ಷೇತ್ರ ನೆರವಾಗುತ್ತಿದೆ. ಸರ್ಕಾರ ಬಡ್ಡಿ ರಹಿತ ಸಾಲ ಸೌಲಭ್ಯ ಒದಗಿಸುತ್ತಿದೆ ಎಂದರು. ಸಹಕಾರ ತತ್ವದ ಆಧಾರದಲ್ಲಿ ಸಮಾಜದ ಎಲ್ಲಾ ವರ್ಗಗಳ ಜನರು ಒಟ್ಟಾಗಿ ಬೆಳೆಯಬೇಕು. ರಾಜ್ಯದಲ್ಲಿ 25000 ಕೋಟಿ ರೂ. ಗೂ ಹೆಚ್ಚು ಸಾಲ ವಿತರಿಸಲಾಗಿದೆ ಎಂದರು. ಸಹಕಾರ ಸಚಿವ ಕೆ.ಎನ್. ರಾಜಣ್ಣ ಮಾತನಾಡಿ, ಸಹಕಾರ ಕ್ಷೇತ್ರದಲ್ಲಿ ಪಾರದರ್ಶಕತೆ ತರಲು ಕ್ರಮ ಕೈಗೊಳ್ಳಲಾಗಿದೆ ಎಂದರು. ಕಾರ್ಯಕ್ರಮದಲ್ಲಿ ಮಹಾಮಂಡಳ ಅಧ್ಯಕ್ಷ ಜಿ.ಟಿ. ದೇವೇಗೌಡ, ಸಹಕಾರ ಇಲಾಖೆ ಅಧಿಕಾರಿಗಳು ಹಾಗೂ ಸಹಕಾರಿ ಧುರೀಣರು ಉಪಸ್ಥಿತರಿದ್ದರು. ಸಹಕಾರ ರತ್ನ ಪ್ರಶಸ್ತಿ ಪ್ರದಾನ ಮಾಡಲಾಯಿತು. ಸಹಕಾರ ಕ್ಷೇತ್ರದಲ್ಲಿ ಮಹಿಳೆಯರ ಪಾಲ್ಗೊಳ್ಳುವಿಕೆ ಹೆಚ್ಚಾಗಬೇಕು. ಸ್ತ್ರೀಶಕ್ತಿ ಸಂಘಗಳಿಗೆ ಸಾಲ ಸೌಲಭ್ಯ ನೀಡಲಾಗುತ್ತಿದೆ ಎಂದರು.

ಗ್ರಾಮೀಣ ಭಾರತದ ಜನರಿಗೆ ನೀಡುವ ಆರ್ಥಿಕ ಸಹಕಾರ ಕ್ಷೇತ್ರಕ್ಕೆ ಚೈತನ್ಯ ನೀಡುತ್ತದೆ. ಸಹಕಾರ ಕ್ಷೇತ್ರ ಗಟ್ಟಿಯಾದರೆ ರಾಜ್ಯದ ಆರ್ಥಿಕತೆ ಬಲಗೊಳ್ಳಲಿದೆ ಎಂದು ಮುಖ್ಯಮಂತ್ರಿ ಸಿದ್ದರಾಮಯ್ಯ ಅಭಿಪ್ರಾಯಪಟ್ಟರು. 72ನೇ ಅಖಿಲ ಭಾರತ ಸಹಕಾರ ಸಪ್ತಾಹ ಉದ್ಘಾಟಿಸಿ ಮಾತನಾಡಿದ ಅವರು, ಸಹಕಾರ ಸಂಸ್ಥೆಗಳು ರೈತರ ಜೀವನಾಡಿ. ಬಡವರು, ರೈತರು ಮತ್ತು ಕೂಲಿ ಕಾರ್ಮಿಕರಿಗೆ ಸಹಕಾರ ಕ್ಷೇತ್ರ ನೆರವಾಗುತ್ತಿದೆ. ಸರ್ಕಾರ ಬಡ್ಡಿ ರಹಿತ ಸಾಲ ಸೌಲಭ್ಯ ಒದಗಿಸುತ್ತಿದೆ ಎಂದರು. ಸಹಕಾರ ತತ್ವದ ಆಧಾರದಲ್ಲಿ ಸಮಾಜದ ಎಲ್ಲಾ ವರ್ಗಗಳ ಜನರು ಒಟ್ಟಾಗಿ ಬೆಳೆಯಬೇಕು. ರಾಜ್ಯದಲ್ಲಿ 25000 ಕೋಟಿ ರೂ. ಗೂ ಹೆಚ್ಚು ಸಾಲ ವಿತರಿಸಲಾಗಿದೆ ಎಂದರು. ಸಹಕಾರ ಸಚಿವ ಕೆ.ಎನ್. ರಾಜಣ್ಣ ಮಾತನಾಡಿ, ಸಹಕಾರ ಕ್ಷೇತ್ರದಲ್ಲಿ ಪಾರದರ್ಶಕತೆ ತರಲು ಕ್ರಮ ಕೈಗೊಳ್ಳಲಾಗಿದೆ ಎಂದರು. ಕಾರ್ಯಕ್ರಮದಲ್ಲಿ ಮಹಾಮಂಡಳ ಅಧ್ಯಕ್ಷ ಜಿ.ಟಿ. ದೇವೇಗೌಡ, ಸಹಕಾರ ಇಲಾಖೆ ಅಧಿಕಾರಿಗಳು ಹಾಗೂ ಸಹಕಾರಿ ಧುರೀಣರು ಉಪಸ್ಥಿತರಿದ್ದರು. ಸಹಕಾರ ರತ್ನ ಪ್ರಶಸ್ತಿ ಪ್ರದಾನ ಮಾಡಲಾಯಿತು. ಸಹಕಾರ ಕ್ಷೇತ್ರದಲ್ಲಿ ಮಹಿಳೆಯರ ಪಾಲ್ಗೊಳ್ಳುವಿಕೆ ಹೆಚ್ಚಾಗಬೇಕು. ಸ್ತ್ರೀಶಕ್ತಿ ಸಂಘಗಳಿಗೆ ಸಾಲ ಸೌಲಭ್ಯ ನೀಡಲಾಗುತ್ತಿದೆ ಎಂದರು.

ಬಿಹಾರದಲ್ಲಿ ಎನ್‌ಡಿಎ ಮೈತ್ರಿಕೂಟಕ್ಕೆ ಜಯ
ಮೈಸೂರಲ್ಲಿ ಬಿಜೆಪಿ ಸಂಭ್ರಮಾಚರಣೆ

•ಸುದ್ದಿಮೂಲ ವಾರ್ತೆ, ಮೈಸೂರು, ನ.14: ಬಿಹಾರ ಚುನಾವಣೆಯಲ್ಲಿ ಎನ್‌ಡಿಎ ಮೈತ್ರಿಕೂಟ ಭರ್ಜರಿ ಜಯ ಗಳಿಸಿದ ಕಾರಣ ಮೈಸೂರು ಜಿಲ್ಲಾ ಬಿಜೆಪಿ ಕಚೇರಿ ಬಳಿ ಕಾರ್ಯಕರ್ತರು ಪಟಾಕಿ ಸಿಡಿಸಿ ಸಿಹಿ ಹಂಚಿ ಸಂಭ್ರಮಾಚರಣೆ ಮಾಡಿದರು. ಜಿಲ್ಲಾಧ್ಯಕ್ಷರು, ಮಾಜಿ ಶಾಸಕರು ಹಾಗೂ ಮುಖಂಡರು ಭಾಗವಹಿಸಿದ್ದರು. ಪ್ರಧಾನಿ ಮೋದಿ ಪರ ಘೋಷಣೆ ಕೂಗಿದರು.

ಆಹಾರ, ಜೀವನಶೈಲಿ ಬದಲಾವಣೆ ಒತ್ತಡ ನಿಯಂತ್ರಣ
ಮಧುಮೇಹ ಹಿಮ್ಮೆಟ್ಟಿಸಲು ಸಾಧ್ಯ

•ಸುದ್ದಿಮೂಲ ವಾರ್ತೆ, ಬೆಂಗಳೂರು, ನ.14: ಜಗತ್ತಿನ ಮಧುಮೇಹದ ರಾಜಧಾನಿ ಎಂದೇ ಕರೆಯಲ್ಪಡುವ ಭಾರತದಲ್ಲಿ ಸುಮಾರು 80 ದಶಲಕ್ಷ ಜನರು ಮಧುಮೇಹದಿಂದ ಬಳಲುತ್ತಿದ್ದಾರೆ ಮತ್ತು ಲಕ್ಷಾಂತರ ಜನರು ಪೂರ್ವ-ಮಧುಮೇಹ ಸ್ಥಿತಿಯಲ್ಲಿದ್ದಾರೆ. ಆಹಾರ ಪದ್ಧತಿ, ಜೀವನಶೈಲಿ ಬದಲಾವಣೆ ಮತ್ತು ಒತ್ತಡ ನಿಯಂತ್ರಣದ ಮೂಲಕ ಟೈಪ್ 2 ಮಧುಮೇಹವನ್ನು ಹಿಮ್ಮೆಟ್ಟಿಸಲು ಸಾಧ್ಯವಿದೆ ಎಂದು ತಜ್ಞ ವೈದ್ಯರು ತಿಳಿಸಿದ್ದಾರೆ. ನ. 14 ರಂದು ಆಚರಿಸಲಾಗುವ ವಿಶ್ವ ಮಧುಮೇಹ ದಿನದ ಅಂಗವಾಗಿ ಜಾಗೃತಿ ಮೂಡಿಸಲಾಯಿತು. ನಿಯಮಿತ ವ್ಯಾಯಾಮ, ಸಮತೋಲಿತ ಆಹಾರ ಸೇವನೆ, ಸಾಕಷ್ಟು ನಿದ್ರೆ ಮತ್ತು ನಿಯಮಿತ ರಕ್ತ ತಪಾಸಣೆ ಮಧುಮೇಹ ನಿಯಂತ್ರಣಕ್ಕೆ ಸಹಕಾರಿ. ಸಂಸ್ಕರಿಸಿದ ಆಹಾರ, ಸಕ್ಕರೆ ಪದಾರ್ಥಗಳನ್ನು ತ್ಯಜಿಸಬೇಕು. ನಾರಿನಂಶವಿರುವ ತರಕಾರಿ, ಹಣ್ಣು, ಧಾನ್ಯಗಳನ್ನು ಹೆಚ್ಚಾಗಿ ಸೇವಿಸಬೇಕು. ಮಾನಸಿಕ ಒತ್ತಡವೂ ರಕ್ತದಲ್ಲಿನ ಸಕ್ಕರೆ ಮಟ್ಟ ಹೆಚ್ಚಿಸುತ್ತದೆ. ಯೋಗ ಮತ್ತು ಧ್ಯಾನದ ಮೂಲಕ ಒತ್ತಡ ನಿಯಂತ್ರಿಸಬಹುದು. ಆರಂಭಿಕ ಹಂತದಲ್ಲೇ ಪತ್ತೆಹಚ್ಚಿದರೆ ಗಂಭೀರ ತೊಂದರೆಗಳನ್ನು ತಪ್ಪಿಸಬಹುದು ಎಂದು ವೈದ್ಯರು ಸಲಹೆ ನೀಡಿದರು. ಮಕ್ಕಳಲ್ಲೂ ಮಧುಮೇಹ ಹೆಚ್ಚುತ್ತಿರುವುದು ಆತಂಕಕಾರಿ. ಪೋಷಕರು ಮಕ್ಕಳ ಆಹಾರ ಪದ್ಧತಿಯ ಬಗ್ಗೆ ಗಮನ ಹರಿಸಬೇಕು. ದೈಹಿಕ ಚಟುವಟಿಕೆಗೆ ಪ್ರೋತ್ಸಾಹ ನೀಡಬೇಕು ಎಂದು ಸಲಹೆ ನೀಡಿದರು.

ಜಗತ್ತಿನ ಮಧುಮೇಹದ ರಾಜಧಾನಿ ಎಂದೇ ಕರೆಯಲ್ಪಡುವ ಭಾರತದಲ್ಲಿ ಸುಮಾರು 80 ದಶಲಕ್ಷ ಜನರು ಮಧುಮೇಹದಿಂದ ಬಳಲುತ್ತಿದ್ದಾರೆ ಮತ್ತು ಲಕ್ಷಾಂತರ ಜನರು ಪೂರ್ವ-ಮಧುಮೇಹ ಸ್ಥಿತಿಯಲ್ಲಿದ್ದಾರೆ. ಆಹಾರ ಪದ್ಧತಿ, ಜೀವನಶೈಲಿ ಬದಲಾವಣೆ ಮತ್ತು ಒತ್ತಡ ನಿಯಂತ್ರಣದ ಮೂಲಕ ಟೈಪ್ 2 ಮಧುಮೇಹವನ್ನು ಹಿಮ್ಮೆಟ್ಟಿಸಲು ಸಾಧ್ಯವಿದೆ ಎಂದು ತಜ್ಞ ವೈದ್ಯರು ತಿಳಿಸಿದ್ದಾರೆ. ನ. 14 ರಂದು ಆಚರಿಸಲಾಗುವ ವಿಶ್ವ ಮಧುಮೇಹ ದಿನದ ಅಂಗವಾಗಿ ಜಾಗೃತಿ ಮೂಡಿಸಲಾಯಿತು. ನಿಯಮಿತ ವ್ಯಾಯಾಮ, ಸಮತೋಲಿತ ಆಹಾರ ಸೇವನೆ, ಸಾಕಷ್ಟು ನಿದ್ರೆ ಮತ್ತು ನಿಯಮಿತ ರಕ್ತ ತಪಾಸಣೆ ಮಧುಮೇಹ ನಿಯಂತ್ರಣಕ್ಕೆ ಸಹಕಾರಿ. ಸಂಸ್ಕರಿಸಿದ ಆಹಾರ, ಸಕ್ಕರೆ ಪದಾರ್ಥಗಳನ್ನು ತ್ಯಜಿಸಬೇಕು. ನಾರಿನಂಶವಿರುವ ತರಕಾರಿ, ಹಣ್ಣು, ಧಾನ್ಯಗಳನ್ನು ಹೆಚ್ಚಾಗಿ ಸೇವಿಸಬೇಕು. ಮಾನಸಿಕ ಒತ್ತಡವೂ ರಕ್ತದಲ್ಲಿನ ಸಕ್ಕರೆ ಮಟ್ಟ ಹೆಚ್ಚಿಸುತ್ತದೆ. ಯೋಗ ಮತ್ತು ಧ್ಯಾನದ ಮೂಲಕ ಒತ್ತಡ ನಿಯಂತ್ರಿಸಬಹುದು. ಆರಂಭಿಕ ಹಂತದಲ್ಲೇ ಪತ್ತೆಹಚ್ಚಿದರೆ ಗಂಭೀರ ತೊಂದರೆಗಳನ್ನು ತಪ್ಪಿಸಬಹುದು ಎಂದು ವೈದ್ಯರು ಸಲಹೆ ನೀಡಿದರು. ಮಕ್ಕಳಲ್ಲೂ ಮಧುಮೇಹ ಹೆಚ್ಚುತ್ತಿರುವುದು ಆತಂಕಕಾರಿ. ಪೋಷಕರು ಮಕ್ಕಳ ಆಹಾರ ಪದ್ಧತಿಯ ಬಗ್ಗೆ ಗಮನ ಹರಿಸಬೇಕು. ದೈಹಿಕ ಚಟುವಟಿಕೆಗೆ ಪ್ರೋತ್ಸಾಹ ನೀಡಬೇಕು ಎಂದು ಸಲಹೆ ನೀಡಿದರು.

ಡಾ. ನರೇಂದ್ರ ಶೆಟ್ಟಿ
ಹೆಡ್ - ಕ್ಲಿನಿಕಲ್ ಸರ್ವೀಸಸ್
ರಿಸ್ಟೋರ್ ಸೆಂಟರ್‌ ನಾರಾಯಣ
ನೇತ್ರಾಲಯ

ಜಗತ್ತಿನ ಮಧುಮೇಹದ ರಾಜಧಾನಿ ಎಂದೇ ಕರೆಯಲ್ಪಡುವ ಭಾರತದಲ್ಲಿ ಸುಮಾರು 80 ದಶಲಕ್ಷ ಜನರು ಮಧುಮೇಹದಿಂದ ಬಳಲುತ್ತಿದ್ದಾರೆ ಮತ್ತು ಲಕ್ಷಾಂತರ ಜನರು ಪೂರ್ವ-ಮಧುಮೇಹ ಸ್ಥಿತಿಯಲ್ಲಿದ್ದಾರೆ. ಆಹಾರ ಪದ್ಧತಿ, ಜೀವನಶೈಲಿ ಬದಲಾವಣೆ ಮತ್ತು ಒತ್ತಡ ನಿಯಂತ್ರಣದ ಮೂಲಕ ಟೈಪ್ 2 ಮಧುಮೇಹವನ್ನು ಹಿಮ್ಮೆಟ್ಟಿಸಲು ಸಾಧ್ಯವಿದೆ ಎಂದು ತಜ್ಞ ವೈದ್ಯರು ತಿಳಿಸಿದ್ದಾರೆ. ನ. 14 ರಂದು ಆಚರಿಸಲಾಗುವ ವಿಶ್ವ ಮಧುಮೇಹ ದಿನದ ಅಂಗವಾಗಿ ಜಾಗೃತಿ ಮೂಡಿಸಲಾಯಿತು. ನಿಯಮಿತ ವ್ಯಾಯಾಮ, ಸಮತೋಲಿತ ಆಹಾರ ಸೇವನೆ, ಸಾಕಷ್ಟು ನಿದ್ರೆ ಮತ್ತು ನಿಯಮಿತ ರಕ್ತ ತಪಾಸಣೆ ಮಧುಮೇಹ ನಿಯಂತ್ರಣಕ್ಕೆ ಸಹಕಾರಿ. ಸಂಸ್ಕರಿಸಿದ ಆಹಾರ, ಸಕ್ಕರೆ ಪದಾರ್ಥಗಳನ್ನು ತ್ಯಜಿಸಬೇಕು. ನಾರಿನಂಶವಿರುವ ತರಕಾರಿ, ಹಣ್ಣು, ಧಾನ್ಯಗಳನ್ನು ಹೆಚ್ಚಾಗಿ ಸೇವಿಸಬೇಕು. ಮಾನಸಿಕ ಒತ್ತಡವೂ ರಕ್ತದಲ್ಲಿನ ಸಕ್ಕರೆ ಮಟ್ಟ ಹೆಚ್ಚಿಸುತ್ತದೆ. ಯೋಗ ಮತ್ತು ಧ್ಯಾನದ ಮೂಲಕ ಒತ್ತಡ ನಿಯಂತ್ರಿಸಬಹುದು. ಆರಂಭಿಕ ಹಂತದಲ್ಲೇ ಪತ್ತೆಹಚ್ಚಿದರೆ ಗಂಭೀರ ತೊಂದರೆಗಳನ್ನು ತಪ್ಪಿಸಬಹುದು ಎಂದು ವೈದ್ಯರು ಸಲಹೆ ನೀಡಿದರು. ಮಕ್ಕಳಲ್ಲೂ

ಜಗತ್ತಿನ ಮಧುಮೇಹದ ರಾಜಧಾನಿ ಎಂದೇ ಕರೆಯಲ್ಪಡುವ ಭಾರತದಲ್ಲಿ ಸುಮಾರು 80 ದಶಲಕ್ಷ ಜನರು ಮಧುಮೇಹದಿಂದ ಬಳಲುತ್ತಿದ್ದಾರೆ ಮತ್ತು ಲಕ್ಷಾಂತರ ಜನರು ಪೂರ್ವ-ಮಧುಮೇಹ ಸ್ಥಿತಿಯಲ್ಲಿದ್ದಾರೆ. ಆಹಾರ ಪದ್ಧತಿ, ಜೀವನಶೈಲಿ ಬದಲಾವಣೆ ಮತ್ತು ಒತ್ತಡ ನಿಯಂತ್ರಣದ ಮೂಲಕ ಟೈಪ್ 2 ಮಧುಮೇಹವನ್ನು ಹಿಮ್ಮೆಟ್ಟಿಸಲು ಸಾಧ್ಯವಿದೆ ಎಂದು ತಜ್ಞ ವೈದ್ಯರು ತಿಳಿಸಿದ್ದಾರೆ. ನ. 14 ರಂದು ಆಚರಿಸಲಾಗುವ ವಿಶ್ವ ಮಧುಮೇಹ ದಿನದ ಅಂಗವಾಗಿ ಜಾಗೃತಿ ಮೂಡಿಸಲಾಯಿತು. ನಿಯಮಿತ ವ್ಯಾಯಾಮ, ಸಮತೋಲಿತ ಆಹಾರ ಸೇವನೆ, ಸಾಕಷ್ಟು ನಿದ್ರೆ ಮತ್ತು ನಿಯಮಿತ ರಕ್ತ ತಪಾಸಣೆ ಮಧುಮೇಹ ನಿಯಂತ್ರಣಕ್ಕೆ ಸಹಕಾರಿ. ಸಂಸ್ಕರಿಸಿದ ಆಹಾರ, ಸಕ್ಕರೆ ಪದಾರ್ಥಗಳನ್ನು ತ್ಯಜಿಸಬೇಕು. ನಾರಿನಂಶವಿರುವ ತರಕಾರಿ, ಹಣ್ಣು, ಧಾನ್ಯಗಳನ್ನು ಹೆಚ್ಚಾಗಿ ಸೇವಿಸಬೇಕು. ಮಾನಸಿಕ ಒತ್ತಡವೂ ರಕ್ತದಲ್ಲಿನ ಸಕ್ಕರೆ ಮಟ್ಟ ಹೆಚ್ಚಿಸುತ್ತದೆ. ಯೋಗ ಮತ್ತು ಧ್ಯಾನದ ಮೂಲಕ ಒತ್ತಡ ನಿಯಂತ್ರಿಸಬಹುದು. ಆರಂಭಿಕ ಹಂತದಲ್ಲೇ ಪತ್ತೆಹಚ್ಚಿದರೆ ಗಂಭೀರ ತೊಂದರೆಗಳನ್ನು ತಪ್ಪಿಸಬಹುದು ಎಂದು ವೈದ್ಯರು ಸಲಹೆ ನೀಡಿದರು. ಮಕ್ಕಳಲ್ಲೂ ಮಧುಮೇಹ ಹೆಚ್ಚುತ್ತಿರುವುದು ಆತಂಕಕಾರಿ. ಪೋಷಕರು ಮಕ್ಕಳ ಆಹಾರ ಪದ್ಧತಿಯ ಬಗ್ಗೆ ಗಮನ ಹರಿಸಬೇಕು. ದೈಹಿಕ ಚಟುವಟಿಕೆಗೆ ಪ್ರೋತ್ಸಾಹ ನೀಡಬೇಕು ಎಂದು ಸಲಹೆ ನೀಡಿದರು.

ಐವರಿಗೆ ಬ್ರಹ್ಮಶ್ರೀ ನಾರಾಯಣ ಗುರು ಪ್ರಶಸ್ತಿ

•ಸುದ್ದಿಮೂಲವಾರ್ತೆ, ಬೆಂಗಳೂರು, ನ.14: ಕರ್ನಾಟಕ ಹಿಂದುಳಿದ ವರ್ಗಗಳ ಮತ್ತು ಪರಿಶಿಷ್ಟ ಜಾತಿ ಸಮಾಜದವರಿಗಾಗಿ ಸೇವೆ ಸಲ್ಲಿಸುತ್ತಿರುವ ಸಮಾಜ ಸೇವಕರಿಗೆ ನೀಡಲಾಗುವ ಬ್ರಹ್ಮಶ್ರೀ ನಾರಾಯಣ ಗುರು ಪ್ರಶಸ್ತಿಗೆ ಐವರು ಆಯ್ಕೆಯಾಗಿದ್ದಾರೆ. ಹೆಚ್.ಆರ್. ಜಯರಾಮ್, ಶ್ರೀನಿವಾಸ ಪೂಜಾರಿ, ಸಾಹಿತಿ ಸವಿತಾ ಸೇರಿದಂತೆ ಐವರಿಗೆ ಪ್ರಶಸ್ತಿ ನೀಡಿ ಗೌರವಿಸಲಾಗುತ್ತಿದೆ. ಪ್ರಶಸ್ತಿಯು ನ. 23 ರಂದು ಬೆಳಗ್ಗೆ 11 ಘಂಟೆಗೆ ಬೆಂಗಳೂರಿನ ಜಯಮಹಲ್ ಪ್ಯಾಲೇಸ್ ಹೋಟೆಲ್‌ನಲ್ಲಿ ನಡೆಯುವ ಸಮಾರಂಭದಲ್ಲಿ ಪ್ರದಾನ ಮಾಡಲಾಗುವುದು ಎಂದು ಸಂಘಟಕರು ತಿಳಿಸಿದ್ದಾರೆ. ಕಾರ್ಯಕ್ರಮದ ಅಧ್ಯಕ್ಷತೆಯನ್ನು ಹೆಚ್.ಆರ್. ವಹಿಸಲಿದ್ದು, ವಿವಿಧ ಕ್ಷೇತ್ರಗಳ ಗಣ್ಯರು ಭಾಗವಹಿಸಲಿದ್ದಾರೆ. ಪ್ರಶಸ್ತಿ ಪ್ರಶಸ್ತಿ ಫಲಕ ಹಾಗೂ ನಗದು ಬಹುಮಾನ ಒಳಗೊಂಡಿದೆ. ಸಮಾಜದಲ್ಲಿ ಸಮಾನತೆಗಾಗಿ ಶ್ರಮಿಸಿದ ನಾರಾಯಣ ಗುರುಗಳ ತತ್ವ ಪ್ರಚಾರ ಮಾಡುವ ಉದ್ದೇಶದಿಂದ ಪ್ರಶಸ್ತಿ ನೀಡಲಾಗುತ್ತಿದೆ.

ಕರ್ನಾಟಕ ಹಿಂದುಳಿದ ವರ್ಗಗಳ ಮತ್ತು ಪರಿಶಿಷ್ಟ ಜಾತಿ ಸಮಾಜದವರಿಗಾಗಿ ಸೇವೆ ಸಲ್ಲಿಸುತ್ತಿರುವ ಸಮಾಜ ಸೇವಕರಿಗೆ ನೀಡಲಾಗುವ ಬ್ರಹ್ಮಶ್ರೀ ನಾರಾಯಣ ಗುರು ಪ್ರಶಸ್ತಿಗೆ ಐವರು ಆಯ್ಕೆಯಾಗಿದ್ದಾರೆ. ಹೆಚ್.ಆರ್. ಜಯರಾಮ್, ಶ್ರೀನಿವಾಸ ಪೂಜಾರಿ, ಸಾಹಿತಿ ಸವಿತಾ ಸೇರಿದಂತೆ ಐವರಿಗೆ ಪ್ರಶಸ್ತಿ ನೀಡಿ ಗೌರವಿಸಲಾಗುತ್ತಿದೆ. ಪ್ರಶಸ್ತಿಯು ನ. 23 ರಂದು ಬೆಳಗ್ಗೆ 11 ಘಂಟೆಗೆ ಬೆಂಗಳೂರಿನ ಜಯಮಹಲ್ ಪ್ಯಾಲೇಸ್ ಹೋಟೆಲ್‌ನಲ್ಲಿ ನಡೆಯುವ ಸಮಾರಂಭದಲ್ಲಿ ಪ್ರದಾನ ಮಾಡಲಾಗುವುದು ಎಂದು ಸಂಘಟಕರು ತಿಳಿಸಿದ್ದಾರೆ. ಕಾರ್ಯಕ್ರಮದ ಅಧ್ಯಕ್ಷತೆಯನ್ನು ಹೆಚ್.ಆರ್. ವಹಿಸಲಿದ್ದು, ವಿವಿಧ ಕ್ಷೇತ್ರಗಳ ಗಣ್ಯರು ಭಾಗವಹಿಸಲಿದ್ದಾರೆ. ಪ್ರಶಸ್ತಿ ಪ್ರಶಸ್ತಿ ಫಲಕ ಹಾಗೂ ನಗದು ಬಹುಮಾನ ಒಳಗೊಂಡಿದೆ. ಸಮಾಜದಲ್ಲಿ ಸಮಾನತೆಗಾಗಿ ಶ್ರಮಿಸಿದ ನಾರಾಯಣ ಗುರುಗಳ ತತ್ವ ಪ್ರಚಾರ ಮಾಡುವ ಉದ್ದೇಶದಿಂದ ಪ್ರಶಸ್ತಿ ನೀಡಲಾಗುತ್ತಿದೆ.

“ನ್ಯೂಮೋನಿಯಾ ಮುಕ್ತ ಸಮಾಜ” ನಿರ್ಮಾಣಕ್ಕೆ ಕೈಜೋಡಿಸಿ: ಡಾ.ಮದನಿ

•ಸುದ್ದಿಮೂಲ ವಾರ್ತೆ, ಬೆಂಗಳೂರು, ನ.14: ನಗರದಲ್ಲಿ “ನ್ಯೂಮೋನಿಯಾ ಮುಕ್ತ ಸಮಾಜ” ನಿರ್ಮಾಣಕ್ಕೆ ಕೈಜೋಡಿಸಲು ಆರೋಗ್ಯ ತಜ್ಞರು ಕರೆ ನೀಡಿದರು. ವಿಶ್ವ ನ್ಯೂಮೋನಿಯಾ ದಿನದ ಅಂಗವಾಗಿ ಆಯೋಜಿಸಿದ್ದ ಜಾಗೃತಿ ಕಾರ್ಯಕ್ರಮದಲ್ಲಿ ಮಾತನಾಡಿದ ಡಾ. ಮದನಿ ಅವರು, ನ್ಯೂಮೋನಿಯಾ ಒಂದು ಗಂಭೀರ ಶ್ವಾಸಕೋಶದ ಸೋಂಕು. ಮಕ್ಕಳು ಮತ್ತು ವಯೋವೃದ್ಧರಲ್ಲಿ ಹೆಚ್ಚಾಗಿ ಕಂಡುಬರುತ್ತದೆ. ಲಸಿಕೆ, ಸ್ವಚ್ಛತೆ ಹಾಗೂ ಪೌಷ್ಟಿಕ ಆಹಾರದಿಂದ ಸೋಂಕು ತಡೆಯಬಹುದು. ಧೂಮಪಾನ ಮತ್ತು ವಾಯುಮಾಲಿನ್ಯ ನ್ಯೂಮೋನಿಯಾಕ್ಕೆ ಕಾರಣವಾಗುತ್ತವೆ. ಸಮಯಕ್ಕೆ ಸರಿಯಾಗಿ ಚಿಕಿತ್ಸೆ ಪಡೆದರೆ ಗುಣಮುಖರಾಗಬಹುದು ಎಂದು ತಿಳಿಸಿದರು. ಈ ವೇಳೆ ಜಯಾ ಆಸ್ಪತ್ರೆಯ ಅಧಿಕಾರಿಗಳು, ವೈದ್ಯರು ಹಾಗೂ ಸಿಬ್ಬಂದಿ ಉಪಸ್ಥಿತರಿದ್ದರು.

ನಗರದಲ್ಲಿ “ನ್ಯೂಮೋನಿಯಾ ಮುಕ್ತ ಸಮಾಜ” ನಿರ್ಮಾಣಕ್ಕೆ ಕೈಜೋಡಿಸಲು ಆರೋಗ್ಯ ತಜ್ಞರು ಕರೆ ನೀಡಿದರು. ವಿಶ್ವ ನ್ಯೂಮೋನಿಯಾ ದಿನದ ಅಂಗವಾಗಿ ಆಯೋಜಿಸಿದ್ದ ಜಾಗೃತಿ ಕಾರ್ಯಕ್ರಮದಲ್ಲಿ ಮಾತನಾಡಿದ ಡಾ. ಮದನಿ ಅವರು, ನ್ಯೂಮೋನಿಯಾ ಒಂದು ಗಂಭೀರ ಶ್ವಾಸಕೋಶದ ಸೋಂಕು. ಮಕ್ಕಳು ಮತ್ತು ವಯೋವೃದ್ಧರಲ್ಲಿ ಹೆಚ್ಚಾಗಿ ಕಂಡುಬರುತ್ತದೆ. ಲಸಿಕೆ, ಸ್ವಚ್ಛತೆ ಹಾಗೂ ಪೌಷ್ಟಿಕ ಆಹಾರದಿಂದ ಸೋಂಕು ತಡೆಯಬಹುದು. ಧೂಮಪಾನ ಮತ್ತು ವಾಯುಮಾಲಿನ್ಯ ನ್ಯೂಮೋನಿಯಾಕ್ಕೆ ಕಾರಣವಾಗುತ್ತವೆ. ಸಮಯಕ್ಕೆ ಸರಿಯಾಗಿ ಚಿಕಿತ್ಸೆ ಪಡೆದರೆ ಗುಣಮುಖರಾಗಬಹುದು ಎಂದು ತಿಳಿಸಿದರು. ಈ ವೇಳೆ ಜಯಾ ಆಸ್ಪತ್ರೆಯ ಅಧಿಕಾರಿಗಳು, ವೈದ್ಯರು ಹಾಗೂ ಸಿಬ್ಬಂದಿ ಉಪಸ್ಥಿತರಿದ್ದರು.

SUDDI MOOLA - Printed and Published by Vishwanath Basavaraj Swamy on behalf of Suddimoola Publishers India Limited. Printed at Dashpramathi Mudranalaya, No.45, 4th Cross, Srigandadhakaval, Bengaluru - 560079
Published at : # 76/1, 6th Cross, Sampige Road, Malleswaram, Bengaluru – 560 003. Karnataka. Mob:9591374602 Editor : Basavaraj Swamy RNI No.: KARKAN/2023/85361 Vol.03 No.209
